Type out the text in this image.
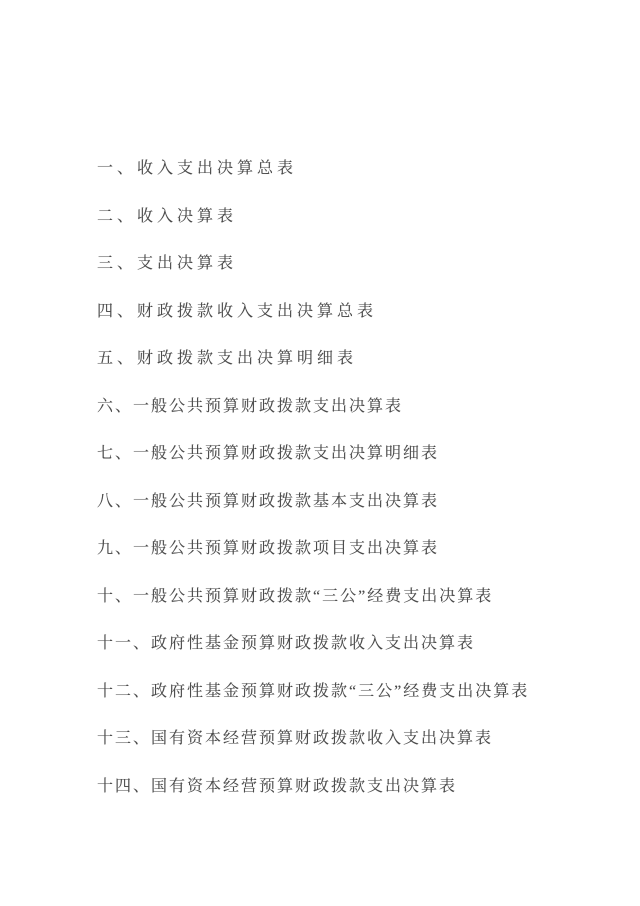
一、收入支出决算总表
二、收入决算表
三、支出决算表
四、财政拨款收入支出决算总表
五、财政拨款支出决算明细表
六、一般公共预算财政拨款支出决算表
七、一般公共预算财政拨款支出决算明细表
八、一般公共预算财政拨款基本支出决算表
九、一般公共预算财政拨款项目支出决算表
十、一般公共预算财政拨款“三公”经费支出决算表
十一、政府性基金预算财政拨款收入支出决算表
十二、政府性基金预算财政拨款“三公”经费支出决算表
十三、国有资本经营预算财政拨款收入支出决算表
十四、国有资本经营预算财政拨款支出决算表
